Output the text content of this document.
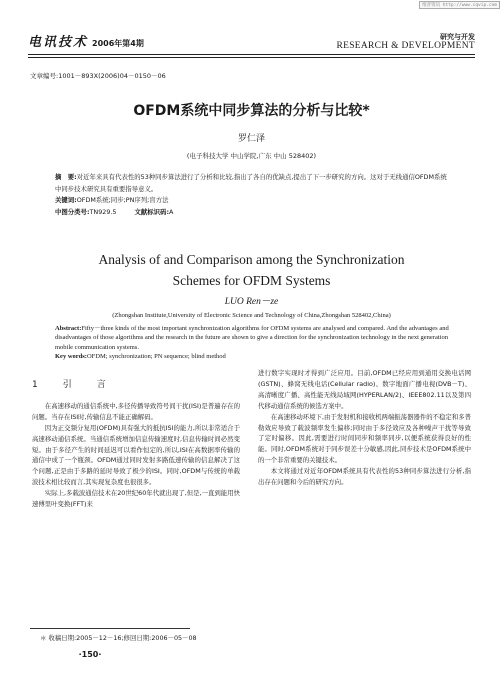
维普资讯 http://www.cqvip.com
电讯技术 2006年第4期
研究与开发
RESEARCH & DEVELOPMENT
文章编号:1001－893X(2006)04－0150－06
OFDM系统中同步算法的分析与比较*
罗仁泽
(电子科技大学 中山学院,广东 中山 528402)
摘　要:对近年来具有代表性的53种同步算法进行了分析和比较,指出了各自的优缺点,提出了下一步研究的方向。这对于无线通信OFDM系统中同步技术研究具有重要指导意义。
关键词:OFDM系统;同步;PN序列;盲方法
中图分类号:TN929.5	文献标识码:A
Analysis of and Comparison among the Synchronization
Schemes for OFDM Systems
LUO Ren－ze
(Zhongshan Institute,University of Electronic Science and Technology of China,Zhongshan 528402,China)
Abstract:Fifty－three kinds of the most important synchronization algorithms for OFDM systems are analysed and compared. And the advantages and disadvantages of those algorithms and the research in the future are shown to give a direction for the synchronization technology in the next generation mobile communication systems.
Key words:OFDM; synchronization; PN sequence; blind method
1　引　言

在高速移动的通信系统中,多径传播导致符号间干扰(ISI)是普遍存在的问题。当存在ISI时,传输信息不能正确解码。

因为正交频分复用(OFDM)具有强大的抵抗ISI的能力,所以非常适合于高速移动通信系统。当通信系统增加信息传输速度时,信息传输时间必然变短。由于多径产生的时间延迟可以看作恒定的,所以,ISI在高数据率传输的通信中成了一个瓶颈。OFDM通过同时发射多路低速传输的信息解决了这个问题,正是由于多路的延时导致了极少的ISI。同时,OFDM与传统的单载波技术相比较而言,其实现复杂度也很很多。

实际上,多载波通信技术在20世纪60年代就出现了,但是,一直到能用快速傅里叶变换(FFT)来

进行数字实现时才得到广泛应用。目前,OFDM已经应用到通用交换电话网(GSTN)、蜂窝无线电话(Cellular radio)、数字地面广播电视(DVB－T)、高清晰度广播、高性能无线局域网(HYPERLAN/2)、IEEE802.11以及第四代移动通信系统的候选方案中。

在高速移动环境下,由于发射机和接收机两端振荡器器件的不稳定和多普勒效应导致了载波频率发生偏移;同时由于多径效应及各种噪声干扰等导致了定时偏移。因此,需要进行时间同步和频率同步,以便系统获得良好的性能。同时,OFDM系统对于同步误差十分敏感,因此,同步技术是OFDM系统中的一个非常重要的关键技术。

本文将通过对近年OFDM系统具有代表性的53种同步算法进行分析,指出存在问题和今后的研究方向。

＊ 收稿日期:2005－12－16;修回日期:2006－05－08
·150·
